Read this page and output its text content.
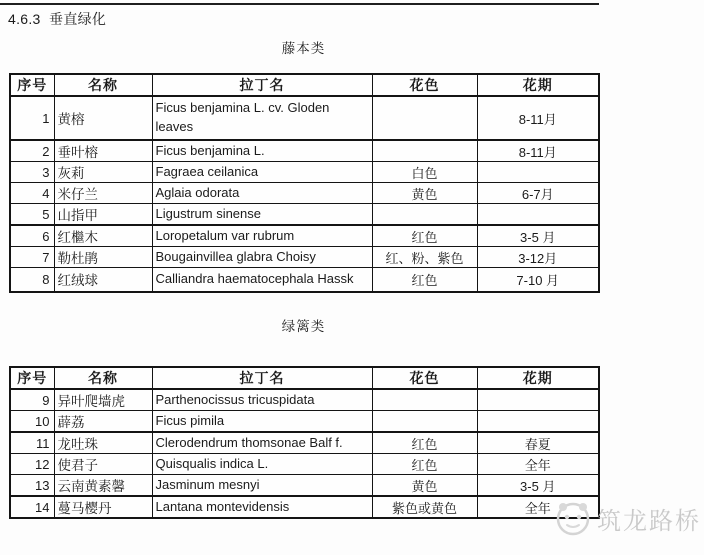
4.6.3  垂直绿化
藤本类
序号	名称	拉丁名	花色	花期
1	黄榕	Ficus benjamina L. cv. Gloden leaves		8-11月
2	垂叶榕	Ficus benjamina L.		8-11月
3	灰莉	Fagraea ceilanica	白色	
4	米仔兰	Aglaia odorata	黄色	6-7月
5	山指甲	Ligustrum sinense		
6	红檵木	Loropetalum var rubrum	红色	3-5 月
7	勒杜鹃	Bougainvillea glabra Choisy	红、粉、紫色	3-12月
8	红绒球	Calliandra haematocephala Hassk	红色	7-10 月
绿篱类
序号	名称	拉丁名	花色	花期
9	异叶爬墙虎	Parthenocissus tricuspidata		
10	薜荔	Ficus pimila		
11	龙吐珠	Clerodendrum thomsonae Balf f.	红色	春夏
12	使君子	Quisqualis indica L.	红色	全年
13	云南黄素馨	Jasminum mesnyi	黄色	3-5 月
14	蔓马樱丹	Lantana montevidensis	紫色或黄色	全年 筑龙路桥
